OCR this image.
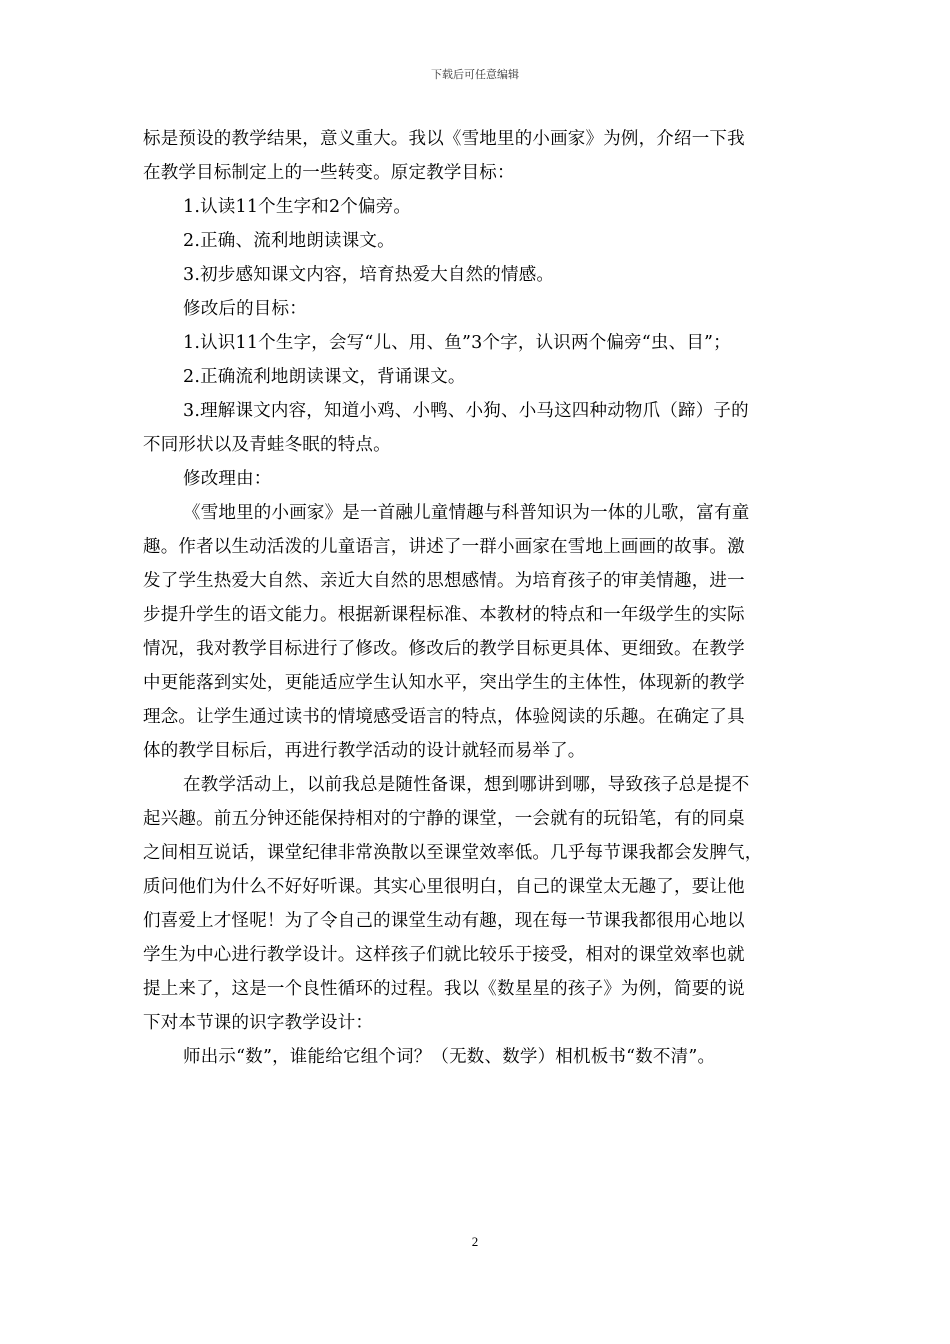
下载后可任意编辑
标是预设的教学结果，意义重大。我以《雪地里的小画家》为例，介绍一下我
在教学目标制定上的一些转变。原定教学目标：
1.认读11个生字和2个偏旁。
2.正确、流利地朗读课文。
3.初步感知课文内容，培育热爱大自然的情感。
修改后的目标：
1.认识11个生字，会写“儿、用、鱼”3个字，认识两个偏旁“虫、目”；
2.正确流利地朗读课文，背诵课文。
3.理解课文内容，知道小鸡、小鸭、小狗、小马这四种动物爪（蹄）子的
不同形状以及青蛙冬眠的特点。
修改理由：
《雪地里的小画家》是一首融儿童情趣与科普知识为一体的儿歌，富有童
趣。作者以生动活泼的儿童语言，讲述了一群小画家在雪地上画画的故事。激
发了学生热爱大自然、亲近大自然的思想感情。为培育孩子的审美情趣，进一
步提升学生的语文能力。根据新课程标准、本教材的特点和一年级学生的实际
情况，我对教学目标进行了修改。修改后的教学目标更具体、更细致。在教学
中更能落到实处，更能适应学生认知水平，突出学生的主体性，体现新的教学
理念。让学生通过读书的情境感受语言的特点，体验阅读的乐趣。在确定了具
体的教学目标后，再进行教学活动的设计就轻而易举了。
在教学活动上，以前我总是随性备课，想到哪讲到哪，导致孩子总是提不
起兴趣。前五分钟还能保持相对的宁静的课堂，一会就有的玩铅笔，有的同桌
之间相互说话，课堂纪律非常涣散以至课堂效率低。几乎每节课我都会发脾气，
质问他们为什么不好好听课。其实心里很明白，自己的课堂太无趣了，要让他
们喜爱上才怪呢！为了令自己的课堂生动有趣，现在每一节课我都很用心地以
学生为中心进行教学设计。这样孩子们就比较乐于接受，相对的课堂效率也就
提上来了，这是一个良性循环的过程。我以《数星星的孩子》为例，简要的说
下对本节课的识字教学设计：
师出示“数”，谁能给它组个词？（无数、数学）相机板书“数不清”。
2
